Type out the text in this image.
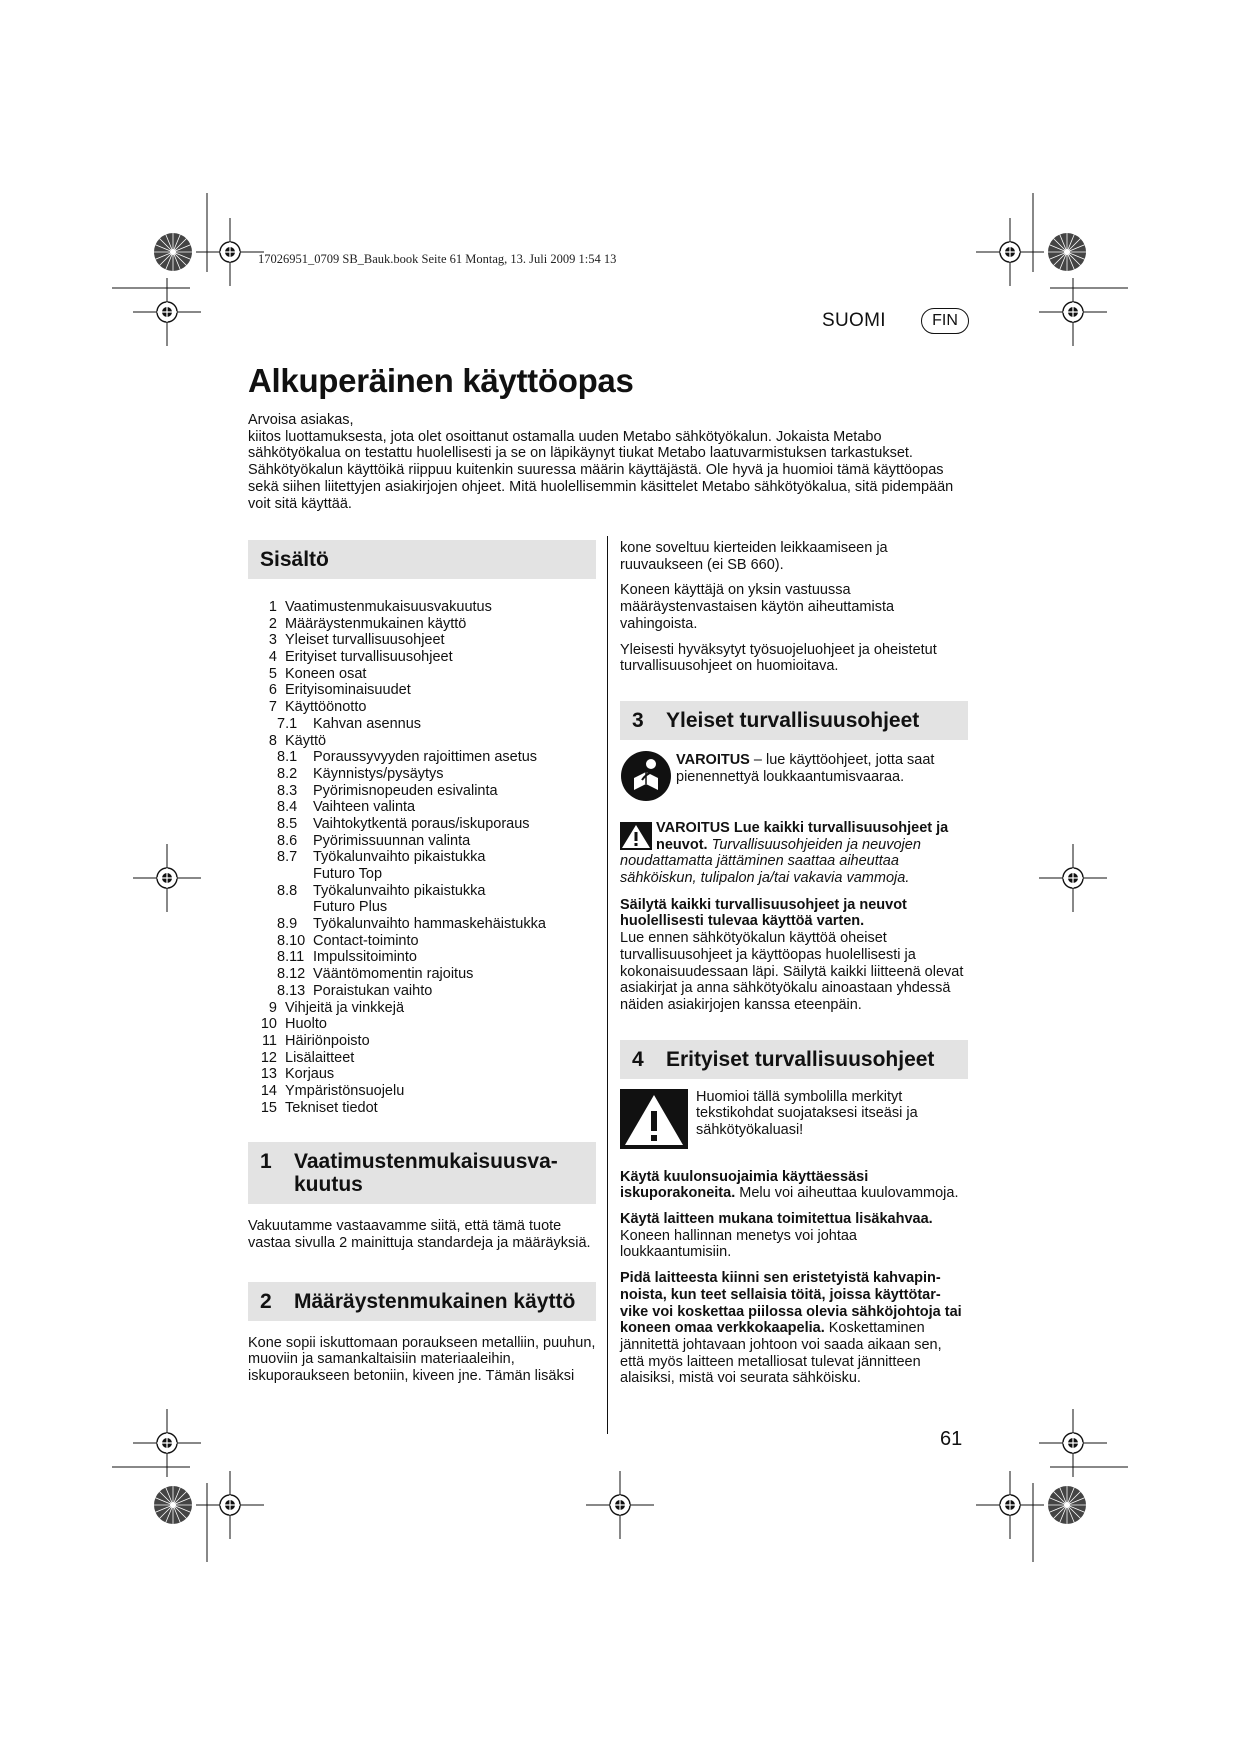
17026951_0709 SB_Bauk.book Seite 61 Montag, 13. Juli 2009 1:54 13
SUOMI	FIN
Alkuperäinen käyttöopas

Arvoisa asiakas,

kiitos luottamuksesta, jota olet osoittanut ostamalla uuden Metabo sähkötyökalun. Jokaista Metabo sähkötyökalua on testattu huolellisesti ja se on läpikäynyt tiukat Metabo laatuvarmistuksen tarkastukset. Sähkötyökalun käyttöikä riippuu kuitenkin suuressa määrin käyttäjästä. Ole hyvä ja huomioi tämä käyttöopas sekä siihen liitettyjen asiakirjojen ohjeet. Mitä huolellisemmin käsittelet Metabo sähkötyökalua, sitä pidempään voit sitä käyttää.

Sisältö
1 Vaatimustenmukaisuusvakuutus
2 Määräystenmukainen käyttö
3 Yleiset turvallisuusohjeet
4 Erityiset turvallisuusohjeet
5 Koneen osat
6 Erityisominaisuudet
7 Käyttöönotto
7.1	Kahvan asennus
8 Käyttö
8.1	Poraussyvyyden rajoittimen asetus
8.2	Käynnistys/pysäytys
8.3	Pyörimisnopeuden esivalinta
8.4	Vaihteen valinta
8.5	Vaihtokytkentä poraus/iskuporaus
8.6	Pyörimissuunnan valinta
8.7	Työkalunvaihto pikaistukka
Futuro Top
8.8	Työkalunvaihto pikaistukka
Futuro Plus
8.9	Työkalunvaihto hammaskehäistukka
8.10 Contact-toiminto
8.11 Impulssitoiminto
8.12 Vääntömomentin rajoitus
8.13 Poraistukan vaihto
9 Vihjeitä ja vinkkejä
10 Huolto
11 Häiriönpoisto
12 Lisälaitteet
13 Korjaus
14 Ympäristönsuojelu
15 Tekniset tiedot
1	Vaatimustenmukaisuusva-kuutus

Vakuutamme vastaavamme siitä, että tämä tuote vastaa sivulla 2 mainittuja standardeja ja määräyksiä.

2	Määräystenmukainen käyttö

Kone sopii iskuttomaan poraukseen metalliin, puuhun, muoviin ja samankaltaisiin materiaaleihin, iskuporaukseen betoniin, kiveen jne. Tämän lisäksi

kone soveltuu kierteiden leikkaamiseen ja ruuvaukseen (ei SB 660).

Koneen käyttäjä on yksin vastuussa määräystenvastaisen käytön aiheuttamista vahingoista.

Yleisesti hyväksytyt työsuojeluohjeet ja oheistetut turvallisuusohjeet on huomioitava.

3	Yleiset turvallisuusohjeet
VAROITUS – lue käyttöohjeet, jotta saat pienennettyä loukkaantumisvaaraa.
VAROITUS Lue kaikki turvallisuusohjeet ja neuvot. Turvallisuusohjeiden ja neuvojen noudattamatta jättäminen saattaa aiheuttaa sähköiskun, tulipalon ja/tai vakavia vammoja.

Säilytä kaikki turvallisuusohjeet ja neuvot huolellisesti tulevaa käyttöä varten.
Lue ennen sähkötyökalun käyttöä oheiset turvallisuusohjeet ja käyttöopas huolellisesti ja kokonaisuudessaan läpi. Säilytä kaikki liitteenä olevat asiakirjat ja anna sähkötyökalu ainoastaan yhdessä näiden asiakirjojen kanssa eteenpäin.

4	Erityiset turvallisuusohjeet
Huomioi tällä symbolilla merkityt tekstikohdat suojataksesi itseäsi ja sähkötyökaluasi!

Käytä kuulonsuojaimia käyttäessäsi iskuporakoneita. Melu voi aiheuttaa kuulovammoja.

Käytä laitteen mukana toimitettua lisäkahvaa. Koneen hallinnan menetys voi johtaa loukkaantumisiin.

Pidä laitteesta kiinni sen eristetyistä kahvapin-noista, kun teet sellaisia töitä, joissa käyttötar-vike voi koskettaa piilossa olevia sähköjohtoja tai koneen omaa verkkokaapelia. Koskettaminen jännitettä johtavaan johtoon voi saada aikaan sen, että myös laitteen metalliosat tulevat jännitteen alaisiksi, mistä voi seurata sähköisku.

61
